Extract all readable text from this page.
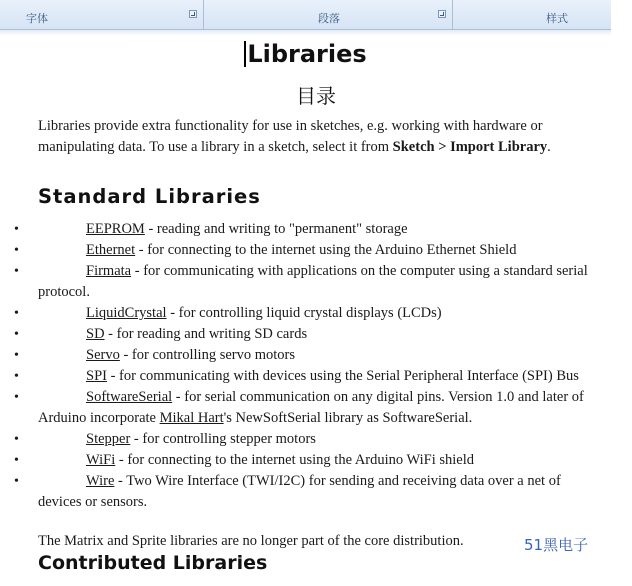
字体	段落	样式
Libraries
目录
Libraries provide extra functionality for use in sketches, e.g. working with hardware or manipulating data. To use a library in a sketch, select it from Sketch > Import Library.
Standard Libraries
•	EEPROM - reading and writing to "permanent" storage
•	Ethernet - for connecting to the internet using the Arduino Ethernet Shield
•	Firmata - for communicating with applications on the computer using a standard serial protocol.
•	LiquidCrystal - for controlling liquid crystal displays (LCDs)
•	SD - for reading and writing SD cards
•	Servo - for controlling servo motors
•	SPI - for communicating with devices using the Serial Peripheral Interface (SPI) Bus
•	SoftwareSerial - for serial communication on any digital pins. Version 1.0 and later of Arduino incorporate Mikal Hart's NewSoftSerial library as SoftwareSerial.
•	Stepper - for controlling stepper motors
•	WiFi - for connecting to the internet using the Arduino WiFi shield
•	Wire - Two Wire Interface (TWI/I2C) for sending and receiving data over a net of devices or sensors.
The Matrix and Sprite libraries are no longer part of the core distribution.	51黑电子
Contributed Libraries
